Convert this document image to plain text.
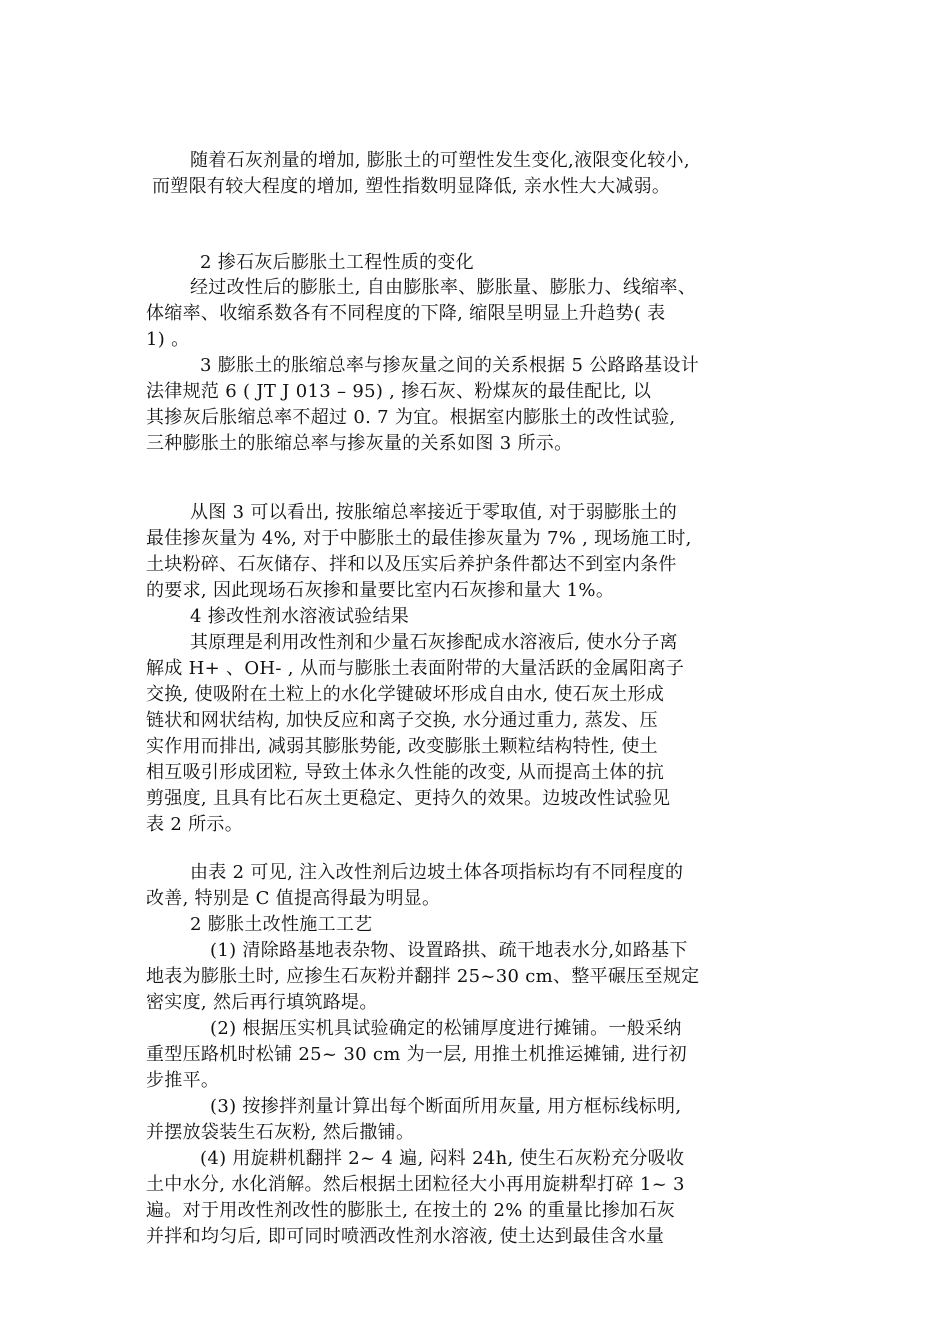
随着石灰剂量的增加, 膨胀土的可塑性发生变化,液限变化较小,
而塑限有较大程度的增加, 塑性指数明显降低, 亲水性大大减弱。
2 掺石灰后膨胀土工程性质的变化
经过改性后的膨胀土, 自由膨胀率、膨胀量、膨胀力、线缩率、
体缩率、收缩系数各有不同程度的下降, 缩限呈明显上升趋势( 表
1) 。
3 膨胀土的胀缩总率与掺灰量之间的关系根据 5 公路路基设计
法律规范 6 ( JT J 013 – 95) , 掺石灰、粉煤灰的最佳配比, 以
其掺灰后胀缩总率不超过 0. 7 为宜。根据室内膨胀土的改性试验,
三种膨胀土的胀缩总率与掺灰量的关系如图 3 所示。
从图 3 可以看出, 按胀缩总率接近于零取值, 对于弱膨胀土的
最佳掺灰量为 4%, 对于中膨胀土的最佳掺灰量为 7% , 现场施工时,
土块粉碎、石灰储存、拌和以及压实后养护条件都达不到室内条件
的要求, 因此现场石灰掺和量要比室内石灰掺和量大 1%。
4 掺改性剂水溶液试验结果
其原理是利用改性剂和少量石灰掺配成水溶液后, 使水分子离
解成 H+ 、OH- , 从而与膨胀土表面附带的大量活跃的金属阳离子
交换, 使吸附在土粒上的水化学键破坏形成自由水, 使石灰土形成
链状和网状结构, 加快反应和离子交换, 水分通过重力, 蒸发、压
实作用而排出, 减弱其膨胀势能, 改变膨胀土颗粒结构特性, 使土
相互吸引形成团粒, 导致土体永久性能的改变, 从而提高土体的抗
剪强度, 且具有比石灰土更稳定、更持久的效果。边坡改性试验见
表 2 所示。
由表 2 可见, 注入改性剂后边坡土体各项指标均有不同程度的
改善, 特别是 C 值提高得最为明显。
2 膨胀土改性施工工艺
(1) 清除路基地表杂物、设置路拱、疏干地表水分,如路基下
地表为膨胀土时, 应掺生石灰粉并翻拌 25~30 cm、整平碾压至规定
密实度, 然后再行填筑路堤。
(2) 根据压实机具试验确定的松铺厚度进行摊铺。一般采纳
重型压路机时松铺 25~ 30 cm 为一层, 用推土机推运摊铺, 进行初
步推平。
(3) 按掺拌剂量计算出每个断面所用灰量, 用方框标线标明,
并摆放袋装生石灰粉, 然后撒铺。
(4) 用旋耕机翻拌 2~ 4 遍, 闷料 24h, 使生石灰粉充分吸收
土中水分, 水化消解。然后根据土团粒径大小再用旋耕犁打碎 1~ 3
遍。对于用改性剂改性的膨胀土, 在按土的 2% 的重量比掺加石灰
并拌和均匀后, 即可同时喷洒改性剂水溶液, 使土达到最佳含水量
